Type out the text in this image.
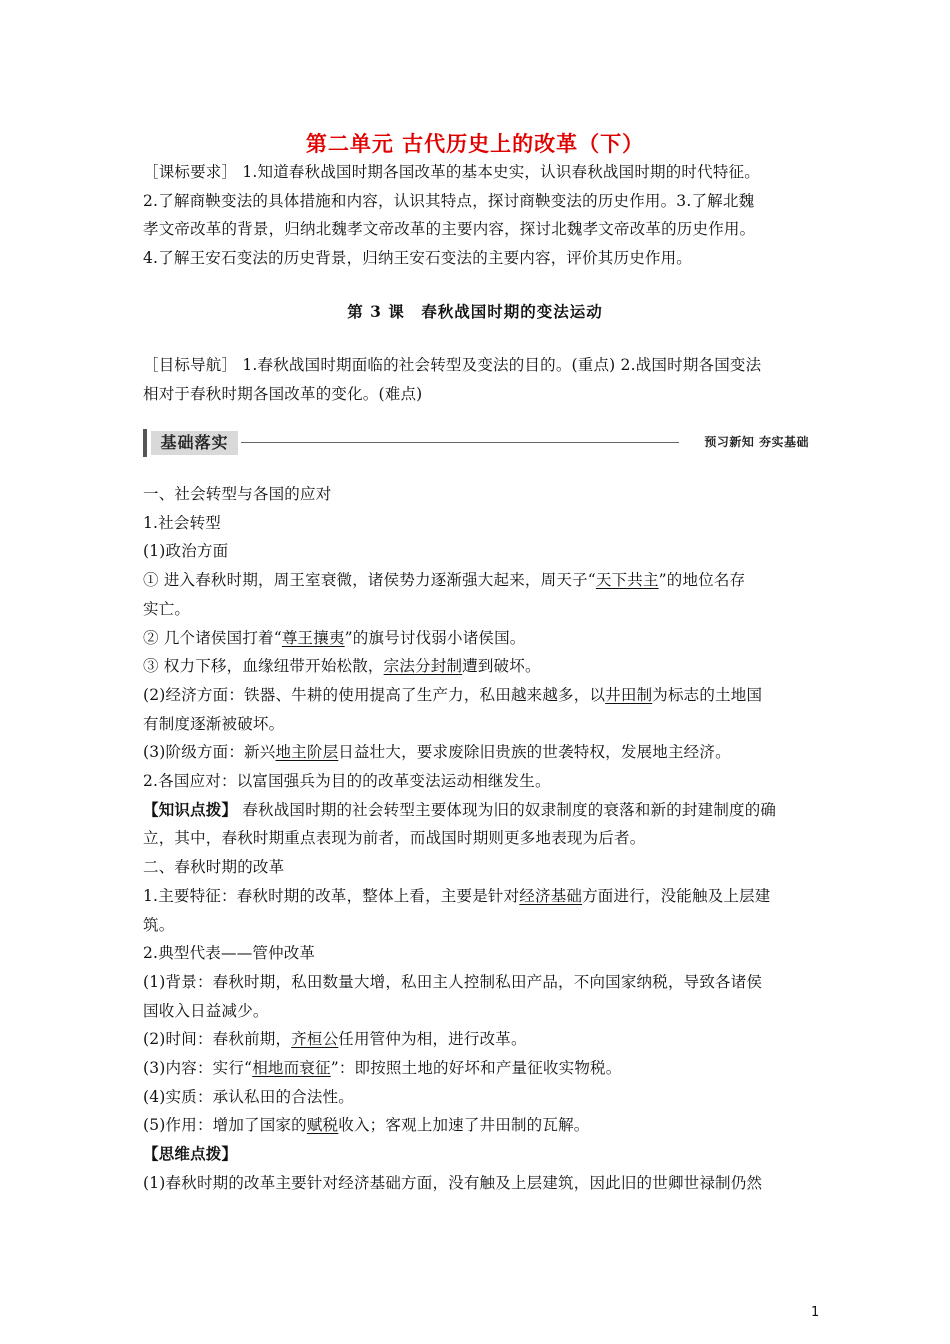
第二单元 古代历史上的改革（下）
［课标要求］ 1.知道春秋战国时期各国改革的基本史实，认识春秋战国时期的时代特征。
2.了解商鞅变法的具体措施和内容，认识其特点，探讨商鞅变法的历史作用。3.了解北魏
孝文帝改革的背景，归纳北魏孝文帝改革的主要内容，探讨北魏孝文帝改革的历史作用。
4.了解王安石变法的历史背景，归纳王安石变法的主要内容，评价其历史作用。
第 3 课　春秋战国时期的变法运动
［目标导航］ 1.春秋战国时期面临的社会转型及变法的目的。(重点) 2.战国时期各国变法
相对于春秋时期各国改革的变化。(难点)
基础落实	预习新知 夯实基础
一、社会转型与各国的应对
1.社会转型
(1)政治方面
① 进入春秋时期，周王室衰微，诸侯势力逐渐强大起来，周天子“天下共主”的地位名存
实亡。
② 几个诸侯国打着“尊王攘夷”的旗号讨伐弱小诸侯国。
③ 权力下移，血缘纽带开始松散，宗法分封制遭到破坏。
(2)经济方面：铁器、牛耕的使用提高了生产力，私田越来越多，以井田制为标志的土地国
有制度逐渐被破坏。
(3)阶级方面：新兴地主阶层日益壮大，要求废除旧贵族的世袭特权，发展地主经济。
2.各国应对：以富国强兵为目的的改革变法运动相继发生。
【知识点拨】 春秋战国时期的社会转型主要体现为旧的奴隶制度的衰落和新的封建制度的确
立，其中，春秋时期重点表现为前者，而战国时期则更多地表现为后者。
二、春秋时期的改革
1.主要特征：春秋时期的改革，整体上看，主要是针对经济基础方面进行，没能触及上层建
筑。
2.典型代表——管仲改革
(1)背景：春秋时期，私田数量大增，私田主人控制私田产品，不向国家纳税，导致各诸侯
国收入日益减少。
(2)时间：春秋前期，齐桓公任用管仲为相，进行改革。
(3)内容：实行“相地而衰征”：即按照土地的好坏和产量征收实物税。
(4)实质：承认私田的合法性。
(5)作用：增加了国家的赋税收入；客观上加速了井田制的瓦解。
【思维点拨】
(1)春秋时期的改革主要针对经济基础方面，没有触及上层建筑，因此旧的世卿世禄制仍然
1
